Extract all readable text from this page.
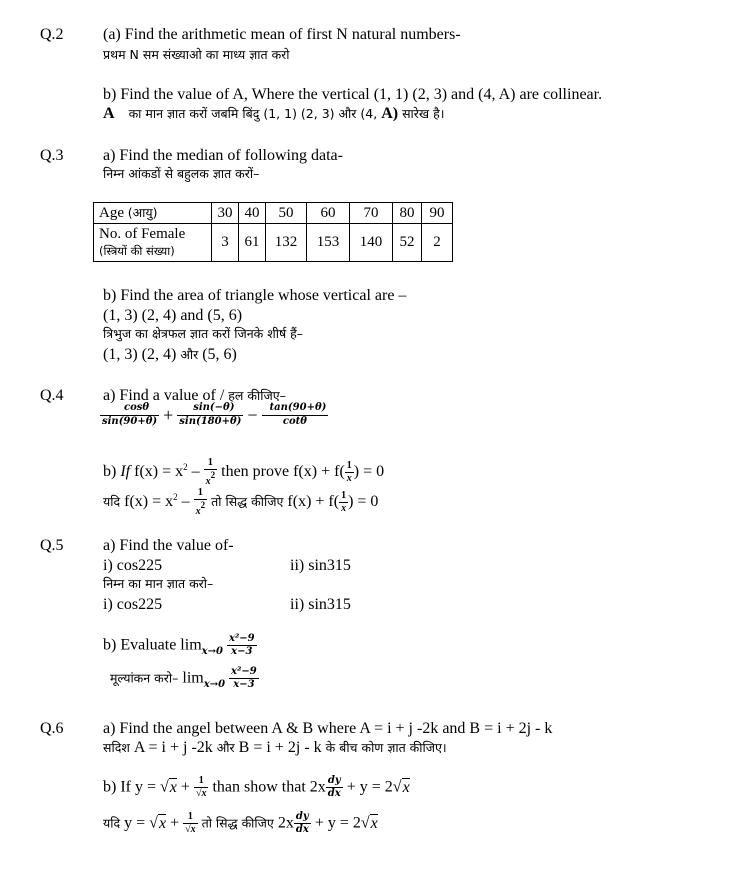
Q.2 (a) Find the arithmetic mean of first N natural numbers-
प्रथम N सम संख्याओ का माध्य ज्ञात करो
b) Find the value of A, Where the vertical (1, 1) (2, 3) and (4, A) are collinear.
A का मान ज्ञात करों जबमि बिंदु (1, 1) (2, 3) और (4, A) सारेख है।
Q.3 a) Find the median of following data-
निम्न आंकडों से बहुलक ज्ञात करों–
Age (आयु)	30	40	50	60	70	80	90
No. of Female
(स्त्रियों की संख्या)	3	61	132	153	140	52	2
b) Find the area of triangle whose vertical are –
(1, 3) (2, 4) and (5, 6)
त्रिभुज का क्षेत्रफल ज्ञात करों जिनके शीर्ष हैं–
(1, 3) (2, 4) और (5, 6)
Q.4 a) Find a value of / हल कीजिए–
$\frac{\cos\theta}{\sin(90+\theta)} + \frac{\sin(-\theta)}{\sin(180+\theta)} - \frac{\tan(90+\theta)}{\cot\theta}$
b) If $f(x) = x^2 - \frac{1}{x^2}$ then prove $f(x) + f( \frac{1}{x}$ ) = 0
यदि $f(x) = x^2 - \frac{1}{x^2}$ तो सिद्ध कीजिए $f(x) + f( \frac{1}{x}$ ) = 0
Q.5 a) Find the value of-
i) cos225	ii) sin315
निम्न का मान ज्ञात करो–
i) cos225	ii) sin315
b) Evaluate $\lim_{x\to 0} \frac{\text{x²−9}}{x-3}$
मूल्यांकन करो– $\lim_{x\to 0} \frac{\text{x²−9}}{x-3}$
Q.6 a) Find the angel between A & B where A = i + j -2k and B = i + 2j - k
सदिश A = i + j -2k और B = i + 2j - k के बीच कोण ज्ञात कीजिए।
b) If $y = √x + \frac{1}{√x}$ than show that $2x \frac{dy}{dx} + y = 2√x$
यदि $y = √x + \frac{1}{√x}$ तो सिद्ध कीजिए $2x \frac{dy}{dx} + y = 2√x$
